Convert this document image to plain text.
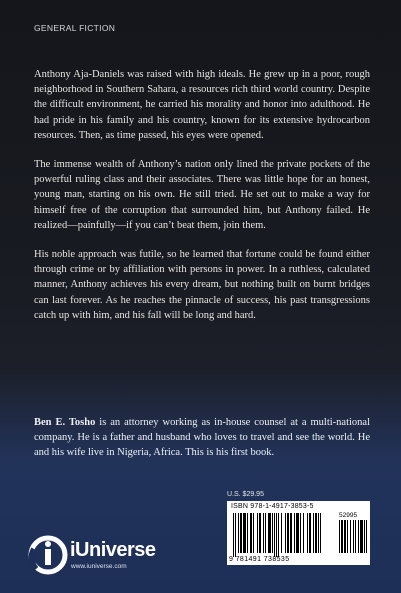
GENERAL FICTION

Anthony Aja-Daniels was raised with high ideals. He grew up in a poor, rough neighborhood in Southern Sahara, a resources rich third world country. Despite the difficult environment, he carried his morality and honor into adulthood. He had pride in his family and his country, known for its extensive hydrocarbon resources. Then, as time passed, his eyes were opened.

The immense wealth of Anthony’s nation only lined the private pockets of the powerful ruling class and their associates. There was little hope for an honest, young man, starting on his own. He still tried. He set out to make a way for himself free of the corruption that surrounded him, but Anthony failed. He realized—painfully—if you can’t beat them, join them.

His noble approach was futile, so he learned that fortune could be found either through crime or by affiliation with persons in power. In a ruthless, calculated manner, Anthony achieves his every dream, but nothing built on burnt bridges can last forever. As he reaches the pinnacle of success, his past transgressions catch up with him, and his fall will be long and hard.

Ben E. Tosho is an attorney working as in-house counsel at a multi-national company. He is a father and husband who loves to travel and see the world. He and his wife live in Nigeria, Africa. This is his first book.

U.S. $29.95
ISBN 978-1-4917-3853-5
52995
9 781491 738535
iUniverse
www.iuniverse.com
